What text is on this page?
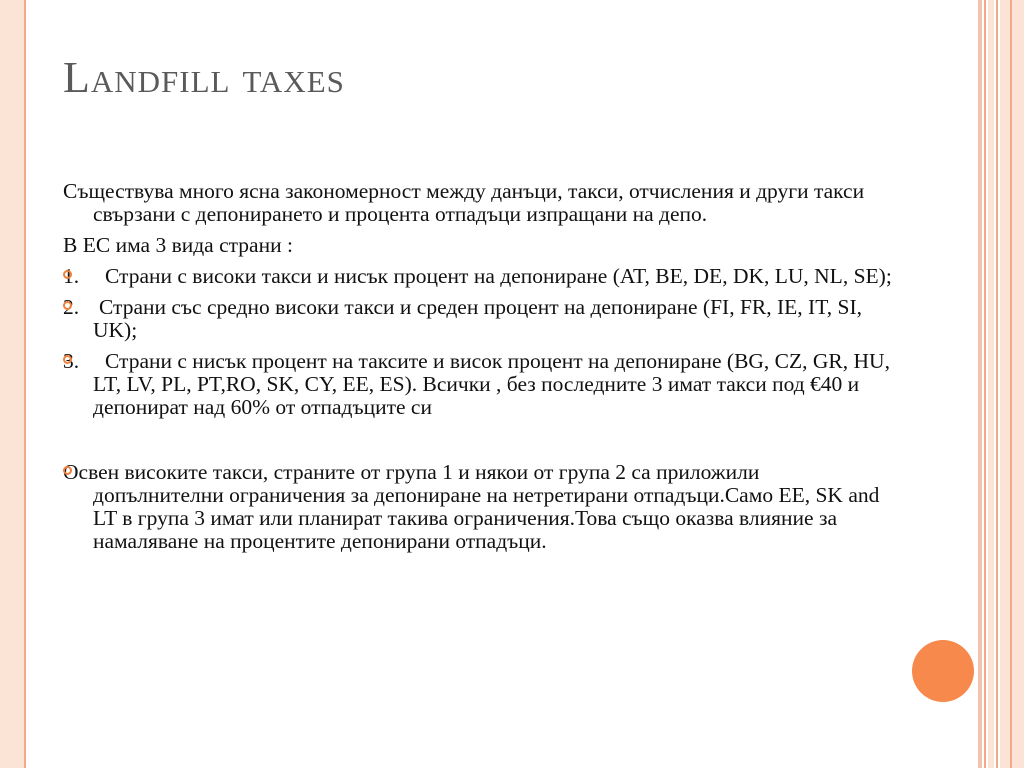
Landfill taxes

Съществува много ясна закономерност между данъци, такси, отчисления и други такси свързани с депонирането и процента отпадъци изпращани на депо.

В ЕС има 3 вида страни :

1. Страни с високи такси и нисък процент на депониране (AT, BE, DE, DK, LU, NL, SE);
2. Страни със средно високи такси и среден процент на депониране (FI, FR, IE, IT, SI, UK);
3. Страни с нисък процент на таксите и висок процент на депониране (BG, CZ, GR, HU, LT, LV, PL, PT,RO, SK, CY, EE, ES). Всички , без последните 3 имат такси под €40 и депонират над 60% от отпадъците си
Освен високите такси, страните от група 1 и някои от група 2 са приложили допълнителни ограничения за депониране на нетретирани отпадъци.Само EE, SK and LT в група 3 имат или планират такива ограничения.Това също оказва влияние за намаляване на процентите депонирани отпадъци.
